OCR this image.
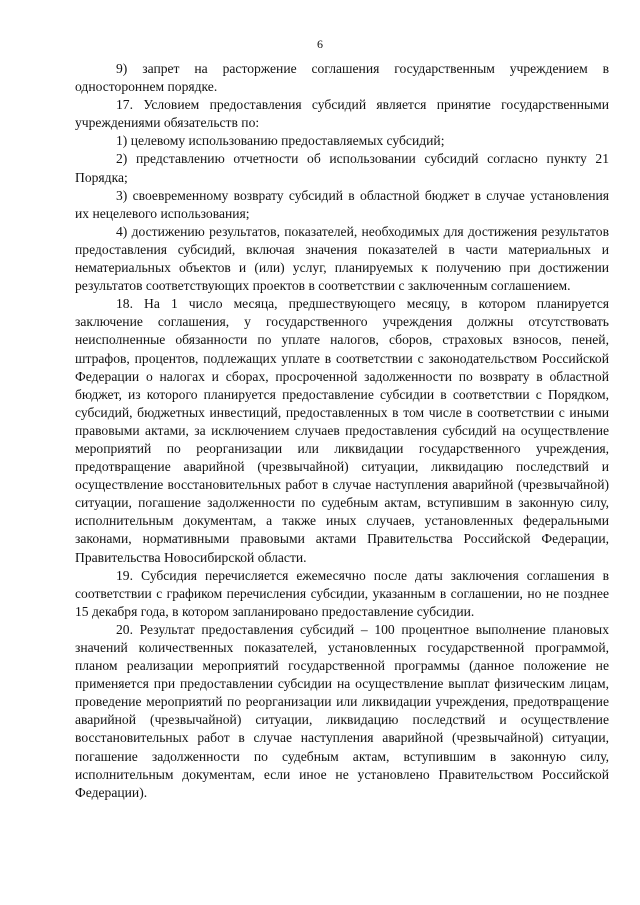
6

9) запрет на расторжение соглашения государственным учреждением в одностороннем порядке.

17. Условием предоставления субсидий является принятие государственными учреждениями обязательств по:

1) целевому использованию предоставляемых субсидий;

2) представлению отчетности об использовании субсидий согласно пункту 21 Порядка;

3) своевременному возврату субсидий в областной бюджет в случае установления их нецелевого использования;

4) достижению результатов, показателей, необходимых для достижения результатов предоставления субсидий, включая значения показателей в части материальных и нематериальных объектов и (или) услуг, планируемых к получению при достижении результатов соответствующих проектов в соответствии с заключенным соглашением.

18. На 1 число месяца, предшествующего месяцу, в котором планируется заключение соглашения, у государственного учреждения должны отсутствовать неисполненные обязанности по уплате налогов, сборов, страховых взносов, пеней, штрафов, процентов, подлежащих уплате в соответствии с законодательством Российской Федерации о налогах и сборах, просроченной задолженности по возврату в областной бюджет, из которого планируется предоставление субсидии в соответствии с Порядком, субсидий, бюджетных инвестиций, предоставленных в том числе в соответствии с иными правовыми актами, за исключением случаев предоставления субсидий на осуществление мероприятий по реорганизации или ликвидации государственного учреждения, предотвращение аварийной (чрезвычайной) ситуации, ликвидацию последствий и осуществление восстановительных работ в случае наступления аварийной (чрезвычайной) ситуации, погашение задолженности по судебным актам, вступившим в законную силу, исполнительным документам, а также иных случаев, установленных федеральными законами, нормативными правовыми актами Правительства Российской Федерации, Правительства Новосибирской области.

19. Субсидия перечисляется ежемесячно после даты заключения соглашения в соответствии с графиком перечисления субсидии, указанным в соглашении, но не позднее 15 декабря года, в котором запланировано предоставление субсидии.

20. Результат предоставления субсидий – 100 процентное выполнение плановых значений количественных показателей, установленных государственной программой, планом реализации мероприятий государственной программы (данное положение не применяется при предоставлении субсидии на осуществление выплат физическим лицам, проведение мероприятий по реорганизации или ликвидации учреждения, предотвращение аварийной (чрезвычайной) ситуации, ликвидацию последствий и осуществление восстановительных работ в случае наступления аварийной (чрезвычайной) ситуации, погашение задолженности по судебным актам, вступившим в законную силу, исполнительным документам, если иное не установлено Правительством Российской Федерации).
